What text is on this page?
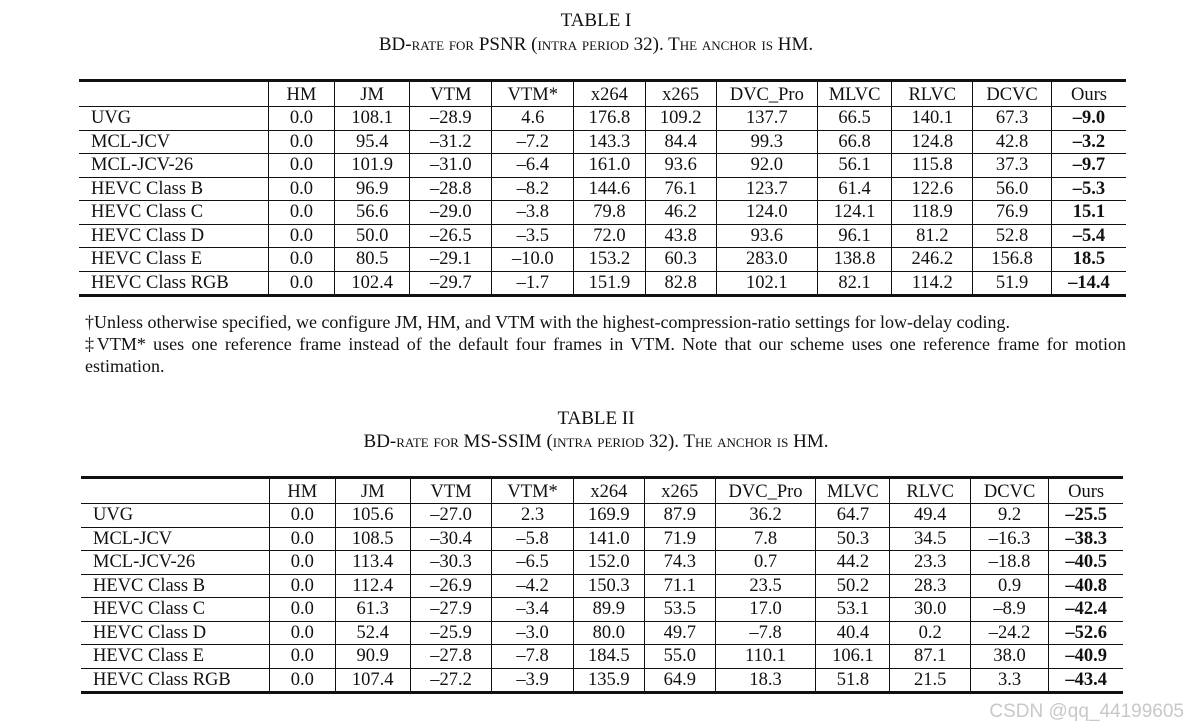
TABLE I
BD-rate for PSNR (intra period 32). The anchor is HM.
	HM	JM	VTM	VTM*	x264	x265	DVC_Pro	MLVC	RLVC	DCVC	Ours
UVG	0.0	108.1	–28.9	4.6	176.8	109.2	137.7	66.5	140.1	67.3	–9.0
MCL-JCV	0.0	95.4	–31.2	–7.2	143.3	84.4	99.3	66.8	124.8	42.8	–3.2
MCL-JCV-26	0.0	101.9	–31.0	–6.4	161.0	93.6	92.0	56.1	115.8	37.3	–9.7
HEVC Class B	0.0	96.9	–28.8	–8.2	144.6	76.1	123.7	61.4	122.6	56.0	–5.3
HEVC Class C	0.0	56.6	–29.0	–3.8	79.8	46.2	124.0	124.1	118.9	76.9	15.1
HEVC Class D	0.0	50.0	–26.5	–3.5	72.0	43.8	93.6	96.1	81.2	52.8	–5.4
HEVC Class E	0.0	80.5	–29.1	–10.0	153.2	60.3	283.0	138.8	246.2	156.8	18.5
HEVC Class RGB	0.0	102.4	–29.7	–1.7	151.9	82.8	102.1	82.1	114.2	51.9	–14.4

†Unless otherwise specified, we configure JM, HM, and VTM with the highest-compression-ratio settings for low-delay coding.

‡VTM* uses one reference frame instead of the default four frames in VTM. Note that our scheme uses one reference frame for motion estimation.

TABLE II
BD-rate for MS-SSIM (intra period 32). The anchor is HM.
	HM	JM	VTM	VTM*	x264	x265	DVC_Pro	MLVC	RLVC	DCVC	Ours
UVG	0.0	105.6	–27.0	2.3	169.9	87.9	36.2	64.7	49.4	9.2	–25.5
MCL-JCV	0.0	108.5	–30.4	–5.8	141.0	71.9	7.8	50.3	34.5	–16.3	–38.3
MCL-JCV-26	0.0	113.4	–30.3	–6.5	152.0	74.3	0.7	44.2	23.3	–18.8	–40.5
HEVC Class B	0.0	112.4	–26.9	–4.2	150.3	71.1	23.5	50.2	28.3	0.9	–40.8
HEVC Class C	0.0	61.3	–27.9	–3.4	89.9	53.5	17.0	53.1	30.0	–8.9	–42.4
HEVC Class D	0.0	52.4	–25.9	–3.0	80.0	49.7	–7.8	40.4	0.2	–24.2	–52.6
HEVC Class E	0.0	90.9	–27.8	–7.8	184.5	55.0	110.1	106.1	87.1	38.0	–40.9
HEVC Class RGB	0.0	107.4	–27.2	–3.9	135.9	64.9	18.3	51.8	21.5	3.3	–43.4
CSDN @qq_44199605
